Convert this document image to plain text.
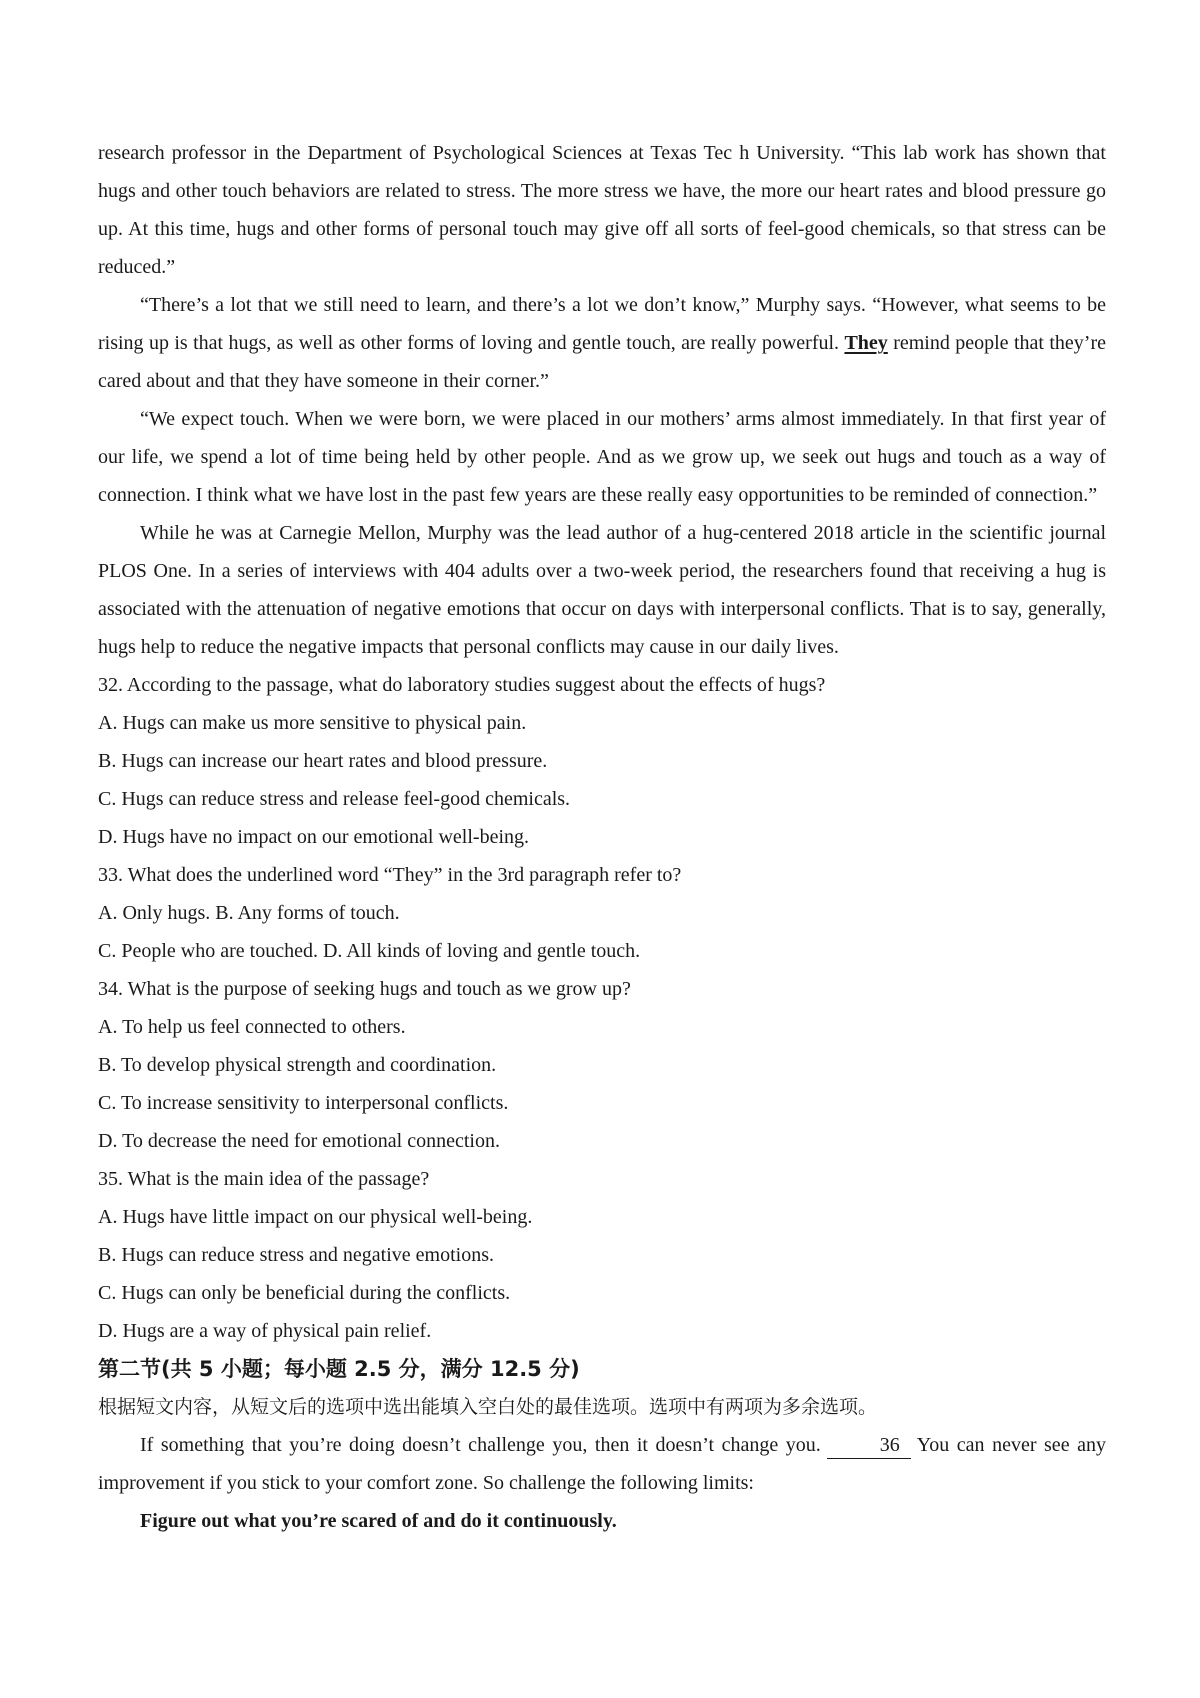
research professor in the Department of Psychological Sciences at Texas Tec h University. “This lab work has shown that hugs and other touch behaviors are related to stress. The more stress we have, the more our heart rates and blood pressure go up. At this time, hugs and other forms of personal touch may give off all sorts of feel-good chemicals, so that stress can be reduced.”

“There’s a lot that we still need to learn, and there’s a lot we don’t know,” Murphy says. “However, what seems to be rising up is that hugs, as well as other forms of loving and gentle touch, are really powerful. They remind people that they’re cared about and that they have someone in their corner.”

“We expect touch. When we were born, we were placed in our mothers’ arms almost immediately. In that first year of our life, we spend a lot of time being held by other people. And as we grow up, we seek out hugs and touch as a way of connection. I think what we have lost in the past few years are these really easy opportunities to be reminded of connection.”

While he was at Carnegie Mellon, Murphy was the lead author of a hug-centered 2018 article in the scientific journal PLOS One. In a series of interviews with 404 adults over a two-week period, the researchers found that receiving a hug is associated with the attenuation of negative emotions that occur on days with interpersonal conflicts. That is to say, generally, hugs help to reduce the negative impacts that personal conflicts may cause in our daily lives.

32. According to the passage, what do laboratory studies suggest about the effects of hugs?

A. Hugs can make us more sensitive to physical pain.

B. Hugs can increase our heart rates and blood pressure.

C. Hugs can reduce stress and release feel-good chemicals.

D. Hugs have no impact on our emotional well-being.

33. What does the underlined word “They” in the 3rd paragraph refer to?

A. Only hugs. B. Any forms of touch.

C. People who are touched. D. All kinds of loving and gentle touch.

34. What is the purpose of seeking hugs and touch as we grow up?

A. To help us feel connected to others.

B. To develop physical strength and coordination.

C. To increase sensitivity to interpersonal conflicts.

D. To decrease the need for emotional connection.

35. What is the main idea of the passage?

A. Hugs have little impact on our physical well-being.

B. Hugs can reduce stress and negative emotions.

C. Hugs can only be beneficial during the conflicts.

D. Hugs are a way of physical pain relief.

第二节(共 5 小题；每小题 2.5 分，满分 12.5 分)

根据短文内容，从短文后的选项中选出能填入空白处的最佳选项。选项中有两项为多余选项。

If something that you’re doing doesn’t challenge you, then it doesn’t change you.	36 You can never see any improvement if you stick to your comfort zone. So challenge the following limits:

Figure out what you’re scared of and do it continuously.
